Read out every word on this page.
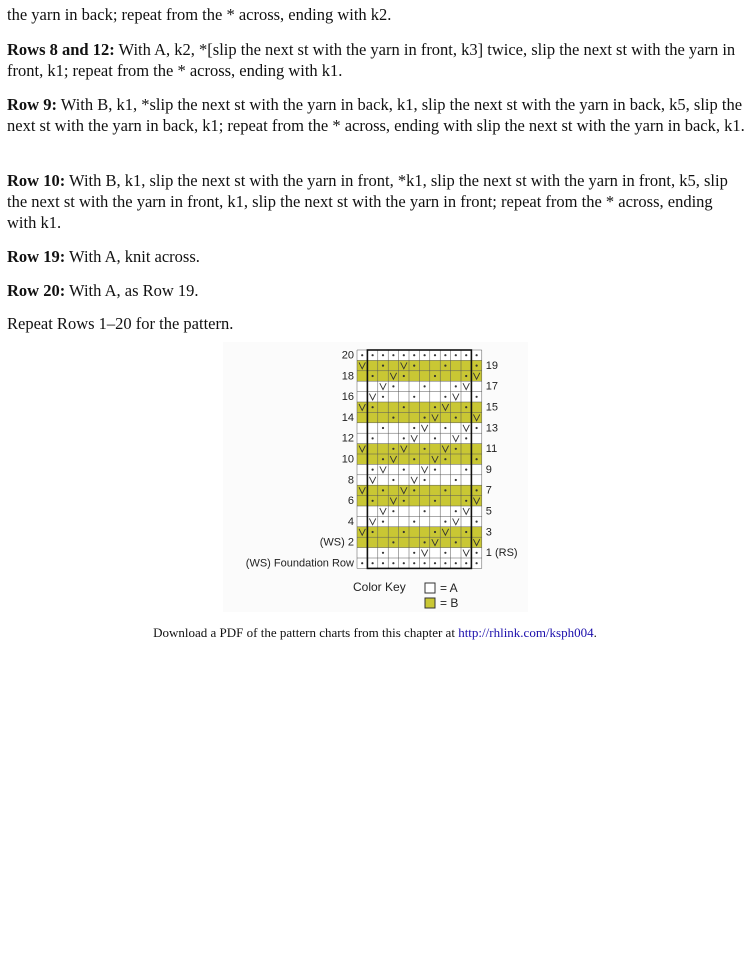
the yarn in back; repeat from the * across, ending with k2.

Rows 8 and 12: With A, k2, *[slip the next st with the yarn in front, k3] twice, slip the next st with the yarn in front, k1; repeat from the * across, ending with k1.

Row 9: With B, k1, *slip the next st with the yarn in back, k1, slip the next st with the yarn in back, k5, slip the next st with the yarn in back, k1; repeat from the * across, ending with slip the next st with the yarn in back, k1.

Row 10: With B, k1, slip the next st with the yarn in front, *k1, slip the next st with the yarn in front, k5, slip the next st with the yarn in front, k1, slip the next st with the yarn in front; repeat from the * across, ending with k1.

Row 19: With A, knit across.

Row 20: With A, as Row 19.

Repeat Rows 1–20 for the pattern.

20
18
16
14
12
10
8
6
4
(WS) 2
(WS) Foundation Row
19
17
15
13
11
9
7
5
3
1 (RS)
Color Key	= A
= B
Download a PDF of the pattern charts from this chapter at http://rhlink.com/ksph004.
